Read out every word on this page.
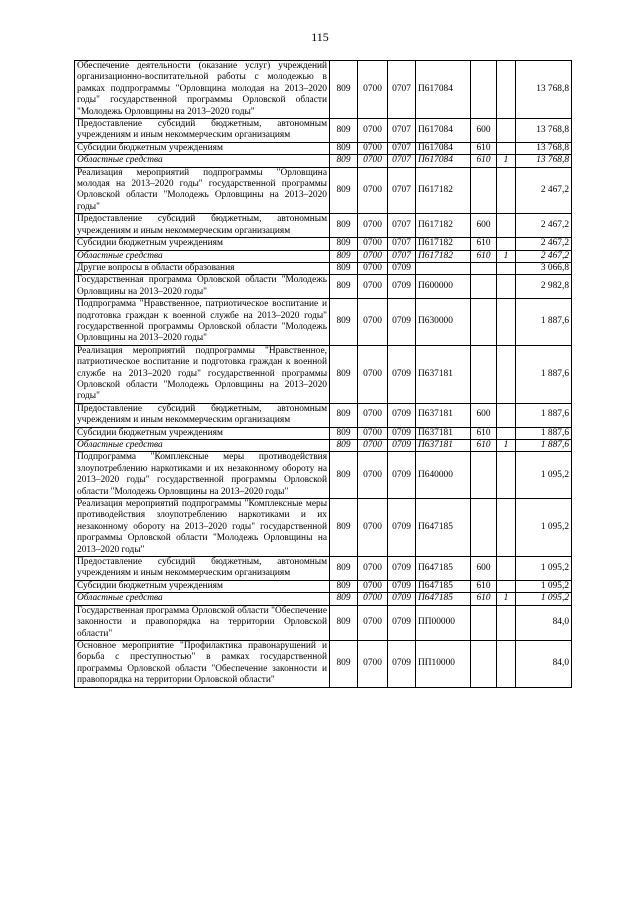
115
Обеспечение деятельности (оказание услуг) учреждений организационно-воспитательной работы с молодежью в рамках подпрограммы "Орловщина молодая на 2013–2020 годы" государственной программы Орловской области "Молодежь Орловщины на 2013–2020 годы"	809	0700	0707	П617084			13 768,8
Предоставление субсидий бюджетным, автономным учреждениям и иным некоммерческим организациям	809	0700	0707	П617084	600		13 768,8
Субсидии бюджетным учреждениям	809	0700	0707	П617084	610		13 768,8
Областные средства	809	0700	0707	П617084	610	1	13 768,8
Реализация мероприятий подпрограммы "Орловщина молодая на 2013–2020 годы" государственной программы Орловской области "Молодежь Орловщины на 2013–2020 годы"	809	0700	0707	П617182			2 467,2
Предоставление субсидий бюджетным, автономным учреждениям и иным некоммерческим организациям	809	0700	0707	П617182	600		2 467,2
Субсидии бюджетным учреждениям	809	0700	0707	П617182	610		2 467,2
Областные средства	809	0700	0707	П617182	610	1	2 467,2
Другие вопросы в области образования	809	0700	0709				3 066,8
Государственная программа Орловской области "Молодежь Орловщины на 2013–2020 годы"	809	0700	0709	П600000			2 982,8
Подпрограмма "Нравственное, патриотическое воспитание и подготовка граждан к военной службе на 2013–2020 годы" государственной программы Орловской области "Молодежь Орловщины на 2013–2020 годы"	809	0700	0709	П630000			1 887,6
Реализация мероприятий подпрограммы "Нравственное, патриотическое воспитание и подготовка граждан к военной службе на 2013–2020 годы" государственной программы Орловской области "Молодежь Орловщины на 2013–2020 годы"	809	0700	0709	П637181			1 887,6
Предоставление субсидий бюджетным, автономным учреждениям и иным некоммерческим организациям	809	0700	0709	П637181	600		1 887,6
Субсидии бюджетным учреждениям	809	0700	0709	П637181	610		1 887,6
Областные средства	809	0700	0709	П637181	610	1	1 887,6
Подпрограмма "Комплексные меры противодействия злоупотреблению наркотиками и их незаконному обороту на 2013–2020 годы" государственной программы Орловской области "Молодежь Орловщины на 2013–2020 годы"	809	0700	0709	П640000			1 095,2
Реализация мероприятий подпрограммы "Комплексные меры противодействия злоупотреблению наркотиками и их незаконному обороту на 2013–2020 годы" государственной программы Орловской области "Молодежь Орловщины на 2013–2020 годы"	809	0700	0709	П647185			1 095,2
Предоставление субсидий бюджетным, автономным учреждениям и иным некоммерческим организациям	809	0700	0709	П647185	600		1 095,2
Субсидии бюджетным учреждениям	809	0700	0709	П647185	610		1 095,2
Областные средства	809	0700	0709	П647185	610	1	1 095,2
Государственная программа Орловской области "Обеспечение законности и правопорядка на территории Орловской области"	809	0700	0709	ПП00000			84,0
Основное мероприятие "Профилактика правонарушений и борьба с преступностью" в рамках государственной программы Орловской области "Обеспечение законности и правопорядка на территории Орловской области"	809	0700	0709	ПП10000			84,0
